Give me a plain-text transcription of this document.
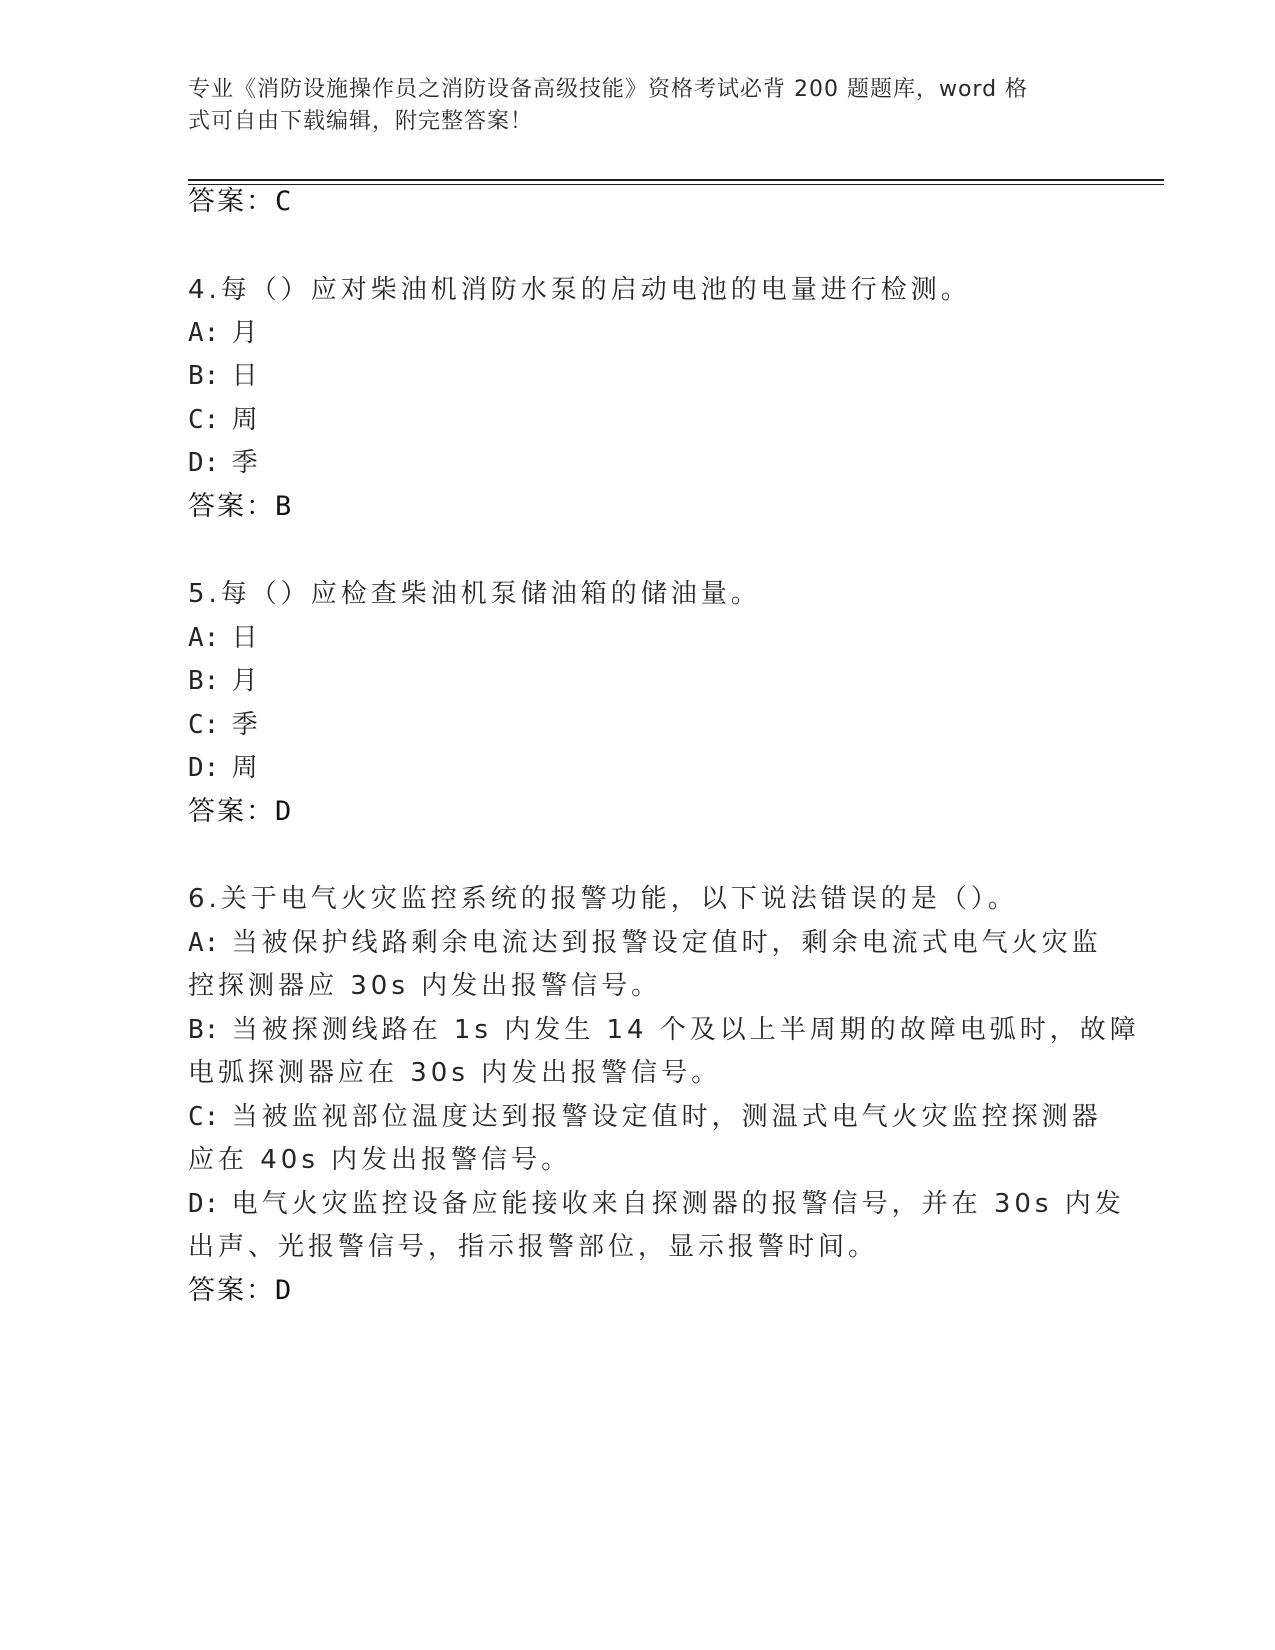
专业《消防设施操作员之消防设备高级技能》资格考试必背 200 题题库，word 格
式可自由下载编辑，附完整答案！
答案：C
4.每（）应对柴油机消防水泵的启动电池的电量进行检测。
A: 月
B: 日
C: 周
D: 季
答案：B
5.每（）应检查柴油机泵储油箱的储油量。
A: 日
B: 月
C: 季
D: 周
答案：D
6.关于电气火灾监控系统的报警功能，以下说法错误的是（）。
A: 当被保护线路剩余电流达到报警设定值时，剩余电流式电气火灾监
控探测器应 30s 内发出报警信号。
B: 当被探测线路在 1s 内发生 14 个及以上半周期的故障电弧时，故障
电弧探测器应在 30s 内发出报警信号。
C: 当被监视部位温度达到报警设定值时，测温式电气火灾监控探测器
应在 40s 内发出报警信号。
D: 电气火灾监控设备应能接收来自探测器的报警信号，并在 30s 内发
出声、光报警信号，指示报警部位，显示报警时间。
答案：D
